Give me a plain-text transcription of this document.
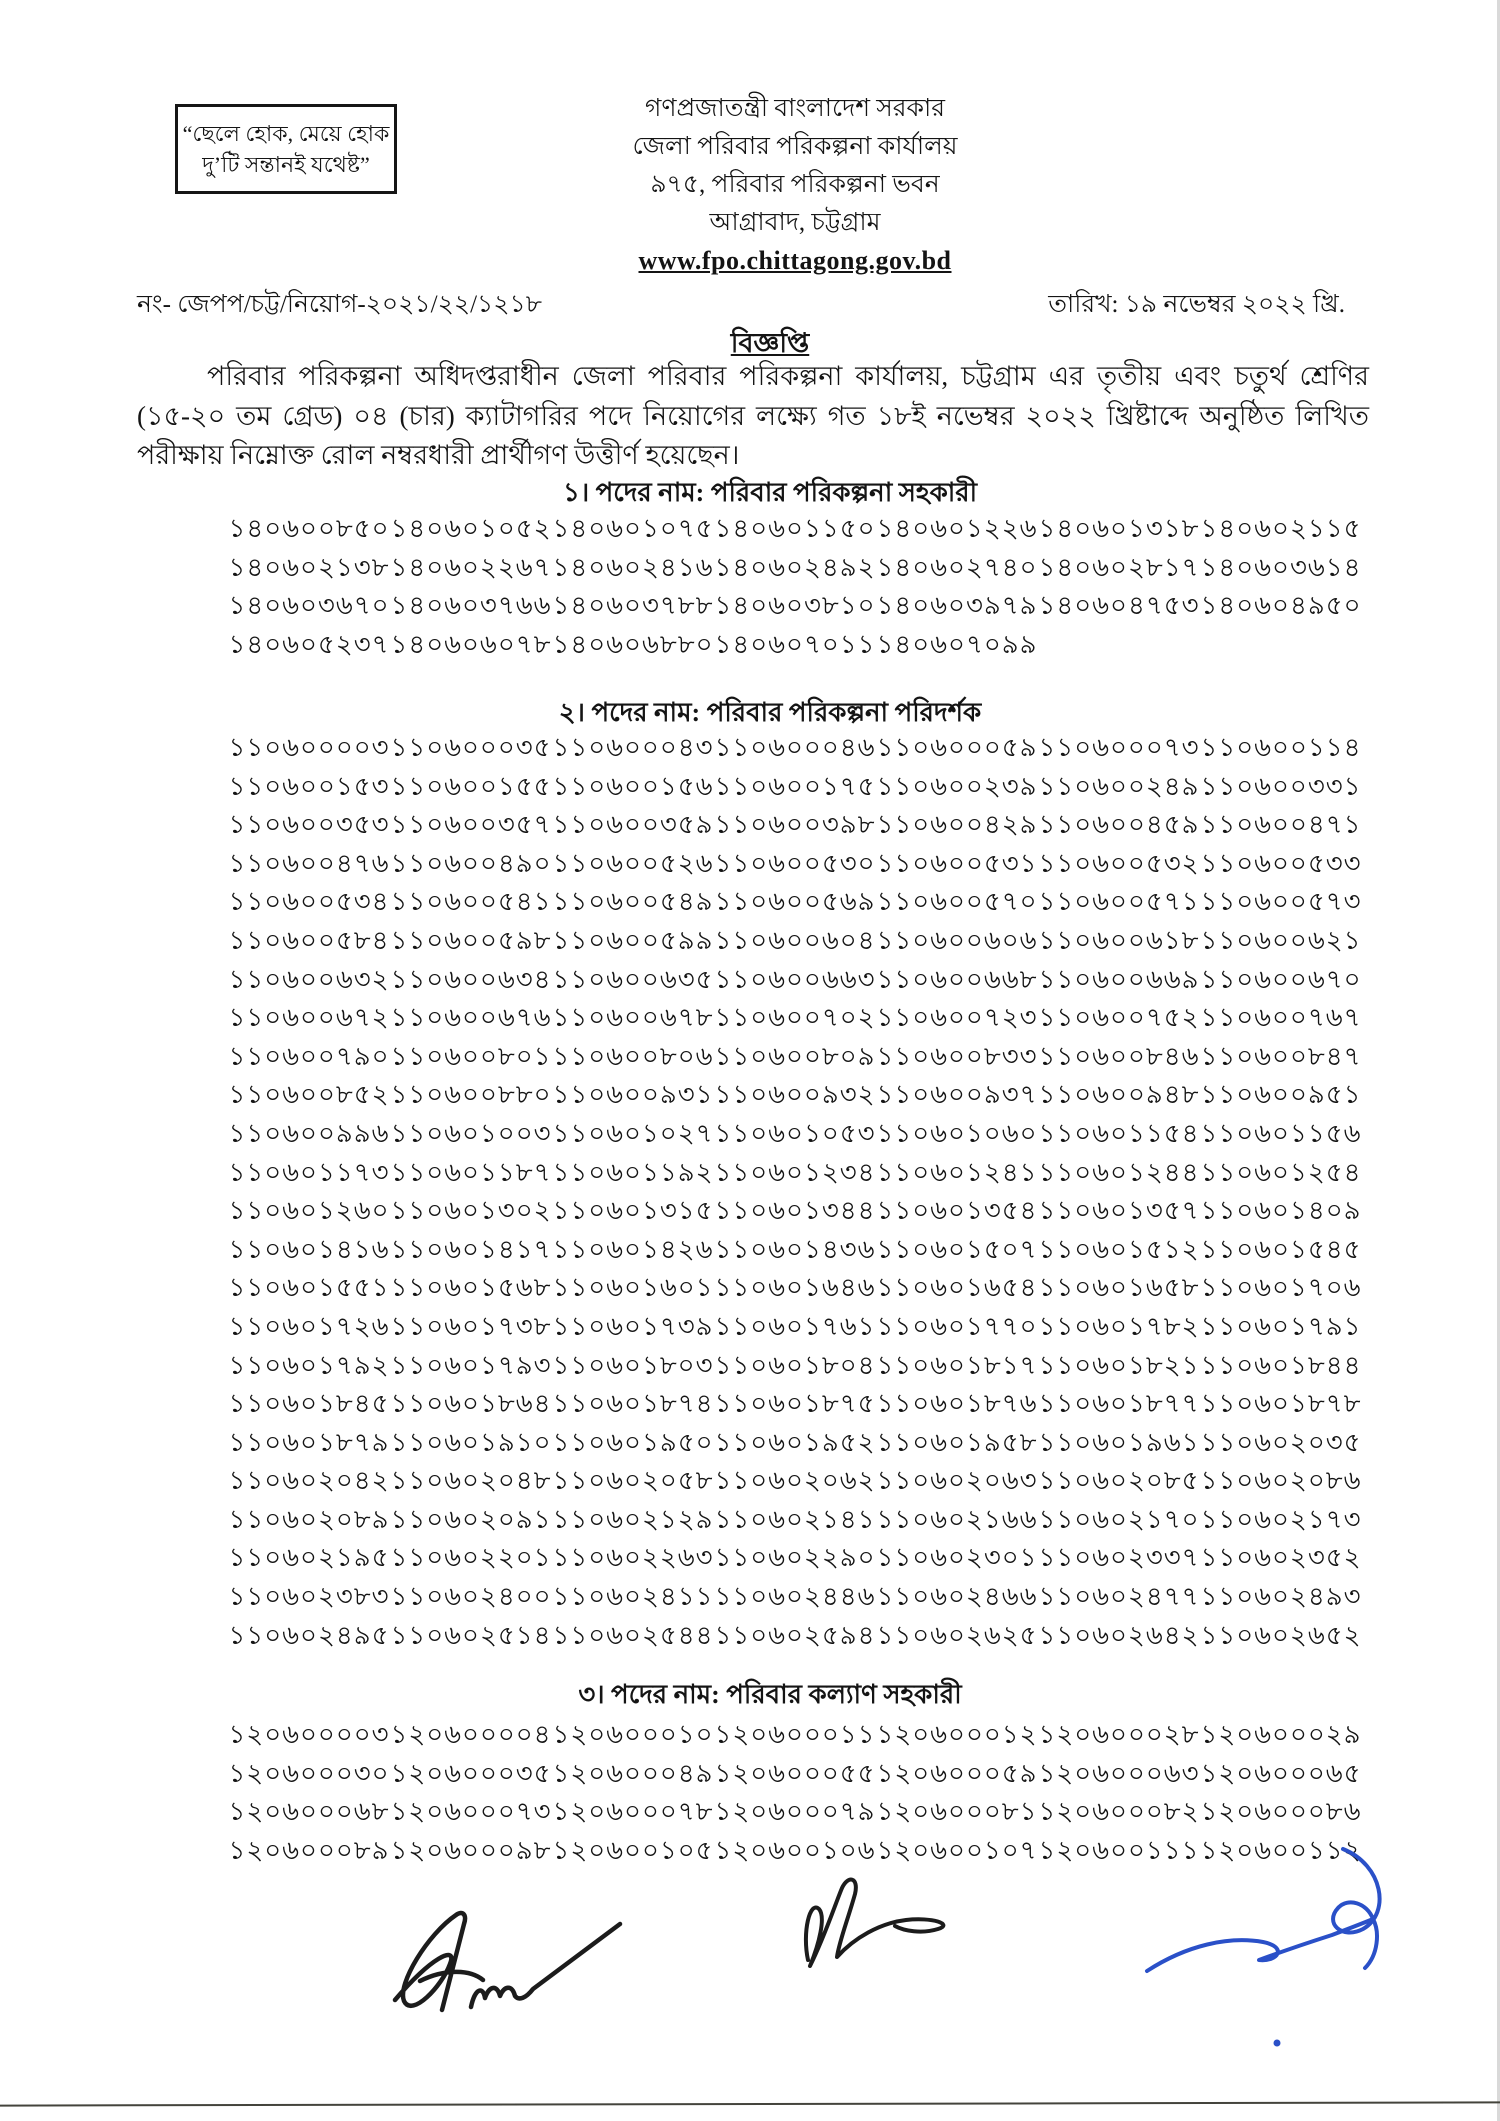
“ছেলে হোক, মেয়ে হোক
দু’টি সন্তানই যথেষ্ট”
গণপ্রজাতন্ত্রী বাংলাদেশ সরকার
জেলা পরিবার পরিকল্পনা কার্যালয়
৯৭৫, পরিবার পরিকল্পনা ভবন
আগ্রাবাদ, চট্টগ্রাম
www.fpo.chittagong.gov.bd
নং- জেপপ/চট্ট/নিয়োগ-২০২১/২২/১২১৮	তারিখ: ১৯ নভেম্বর ২০২২ খ্রি.
বিজ্ঞপ্তি
পরিবার পরিকল্পনা অধিদপ্তরাধীন জেলা পরিবার পরিকল্পনা কার্যালয়, চট্টগ্রাম এর তৃতীয় এবং চতুর্থ শ্রেণির (১৫-২০ তম গ্রেড) ০৪ (চার) ক্যাটাগরির পদে নিয়োগের লক্ষ্যে গত ১৮ই নভেম্বর ২০২২ খ্রিষ্টাব্দে অনুষ্ঠিত লিখিত পরীক্ষায় নিম্নোক্ত রোল নম্বরধারী প্রার্থীগণ উত্তীর্ণ হয়েছেন।
১। পদের নাম: পরিবার পরিকল্পনা সহকারী
১৪০৬০০৮৫০ ১৪০৬০১০৫২ ১৪০৬০১০৭৫ ১৪০৬০১১৫০ ১৪০৬০১২২৬ ১৪০৬০১৩১৮ ১৪০৬০২১১৫
১৪০৬০২১৩৮ ১৪০৬০২২৬৭ ১৪০৬০২৪১৬ ১৪০৬০২৪৯২ ১৪০৬০২৭৪০ ১৪০৬০২৮১৭ ১৪০৬০৩৬১৪
১৪০৬০৩৬৭০ ১৪০৬০৩৭৬৬ ১৪০৬০৩৭৮৮ ১৪০৬০৩৮১০ ১৪০৬০৩৯৭৯ ১৪০৬০৪৭৫৩ ১৪০৬০৪৯৫০
১৪০৬০৫২৩৭ ১৪০৬০৬০৭৮ ১৪০৬০৬৮৮০ ১৪০৬০৭০১১ ১৪০৬০৭০৯৯
২। পদের নাম: পরিবার পরিকল্পনা পরিদর্শক
১১০৬০০০০৩ ১১০৬০০০৩৫ ১১০৬০০০৪৩ ১১০৬০০০৪৬ ১১০৬০০০৫৯ ১১০৬০০০৭৩ ১১০৬০০১১৪
১১০৬০০১৫৩ ১১০৬০০১৫৫ ১১০৬০০১৫৬ ১১০৬০০১৭৫ ১১০৬০০২৩৯ ১১০৬০০২৪৯ ১১০৬০০৩৩১
১১০৬০০৩৫৩ ১১০৬০০৩৫৭ ১১০৬০০৩৫৯ ১১০৬০০৩৯৮ ১১০৬০০৪২৯ ১১০৬০০৪৫৯ ১১০৬০০৪৭১
১১০৬০০৪৭৬ ১১০৬০০৪৯০ ১১০৬০০৫২৬ ১১০৬০০৫৩০ ১১০৬০০৫৩১ ১১০৬০০৫৩২ ১১০৬০০৫৩৩
১১০৬০০৫৩৪ ১১০৬০০৫৪১ ১১০৬০০৫৪৯ ১১০৬০০৫৬৯ ১১০৬০০৫৭০ ১১০৬০০৫৭১ ১১০৬০০৫৭৩
১১০৬০০৫৮৪ ১১০৬০০৫৯৮ ১১০৬০০৫৯৯ ১১০৬০০৬০৪ ১১০৬০০৬০৬ ১১০৬০০৬১৮ ১১০৬০০৬২১
১১০৬০০৬৩২ ১১০৬০০৬৩৪ ১১০৬০০৬৩৫ ১১০৬০০৬৬৩ ১১০৬০০৬৬৮ ১১০৬০০৬৬৯ ১১০৬০০৬৭০
১১০৬০০৬৭২ ১১০৬০০৬৭৬ ১১০৬০০৬৭৮ ১১০৬০০৭০২ ১১০৬০০৭২৩ ১১০৬০০৭৫২ ১১০৬০০৭৬৭
১১০৬০০৭৯০ ১১০৬০০৮০১ ১১০৬০০৮০৬ ১১০৬০০৮০৯ ১১০৬০০৮৩৩ ১১০৬০০৮৪৬ ১১০৬০০৮৪৭
১১০৬০০৮৫২ ১১০৬০০৮৮০ ১১০৬০০৯৩১ ১১০৬০০৯৩২ ১১০৬০০৯৩৭ ১১০৬০০৯৪৮ ১১০৬০০৯৫১
১১০৬০০৯৯৬ ১১০৬০১০০৩ ১১০৬০১০২৭ ১১০৬০১০৫৩ ১১০৬০১০৬০ ১১০৬০১১৫৪ ১১০৬০১১৫৬
১১০৬০১১৭৩ ১১০৬০১১৮৭ ১১০৬০১১৯২ ১১০৬০১২৩৪ ১১০৬০১২৪১ ১১০৬০১২৪৪ ১১০৬০১২৫৪
১১০৬০১২৬০ ১১০৬০১৩০২ ১১০৬০১৩১৫ ১১০৬০১৩৪৪ ১১০৬০১৩৫৪ ১১০৬০১৩৫৭ ১১০৬০১৪০৯
১১০৬০১৪১৬ ১১০৬০১৪১৭ ১১০৬০১৪২৬ ১১০৬০১৪৩৬ ১১০৬০১৫০৭ ১১০৬০১৫১২ ১১০৬০১৫৪৫
১১০৬০১৫৫১ ১১০৬০১৫৬৮ ১১০৬০১৬০১ ১১০৬০১৬৪৬ ১১০৬০১৬৫৪ ১১০৬০১৬৫৮ ১১০৬০১৭০৬
১১০৬০১৭২৬ ১১০৬০১৭৩৮ ১১০৬০১৭৩৯ ১১০৬০১৭৬১ ১১০৬০১৭৭০ ১১০৬০১৭৮২ ১১০৬০১৭৯১
১১০৬০১৭৯২ ১১০৬০১৭৯৩ ১১০৬০১৮০৩ ১১০৬০১৮০৪ ১১০৬০১৮১৭ ১১০৬০১৮২১ ১১০৬০১৮৪৪
১১০৬০১৮৪৫ ১১০৬০১৮৬৪ ১১০৬০১৮৭৪ ১১০৬০১৮৭৫ ১১০৬০১৮৭৬ ১১০৬০১৮৭৭ ১১০৬০১৮৭৮
১১০৬০১৮৭৯ ১১০৬০১৯১০ ১১০৬০১৯৫০ ১১০৬০১৯৫২ ১১০৬০১৯৫৮ ১১০৬০১৯৬১ ১১০৬০২০৩৫
১১০৬০২০৪২ ১১০৬০২০৪৮ ১১০৬০২০৫৮ ১১০৬০২০৬২ ১১০৬০২০৬৩ ১১০৬০২০৮৫ ১১০৬০২০৮৬
১১০৬০২০৮৯ ১১০৬০২০৯১ ১১০৬০২১২৯ ১১০৬০২১৪১ ১১০৬০২১৬৬ ১১০৬০২১৭০ ১১০৬০২১৭৩
১১০৬০২১৯৫ ১১০৬০২২০১ ১১০৬০২২৬৩ ১১০৬০২২৯০ ১১০৬০২৩০১ ১১০৬০২৩৩৭ ১১০৬০২৩৫২
১১০৬০২৩৮৩ ১১০৬০২৪০০ ১১০৬০২৪১১ ১১০৬০২৪৪৬ ১১০৬০২৪৬৬ ১১০৬০২৪৭৭ ১১০৬০২৪৯৩
১১০৬০২৪৯৫ ১১০৬০২৫১৪ ১১০৬০২৫৪৪ ১১০৬০২৫৯৪ ১১০৬০২৬২৫ ১১০৬০২৬৪২ ১১০৬০২৬৫২
৩। পদের নাম: পরিবার কল্যাণ সহকারী
১২০৬০০০০৩ ১২০৬০০০০৪ ১২০৬০০০১০ ১২০৬০০০১১ ১২০৬০০০১২ ১২০৬০০০২৮ ১২০৬০০০২৯
১২০৬০০০৩০ ১২০৬০০০৩৫ ১২০৬০০০৪৯ ১২০৬০০০৫৫ ১২০৬০০০৫৯ ১২০৬০০০৬৩ ১২০৬০০০৬৫
১২০৬০০০৬৮ ১২০৬০০০৭৩ ১২০৬০০০৭৮ ১২০৬০০০৭৯ ১২০৬০০০৮১ ১২০৬০০০৮২ ১২০৬০০০৮৬
১২০৬০০০৮৯ ১২০৬০০০৯৮ ১২০৬০০১০৫ ১২০৬০০১০৬ ১২০৬০০১০৭ ১২০৬০০১১১ ১২০৬০০১১২
